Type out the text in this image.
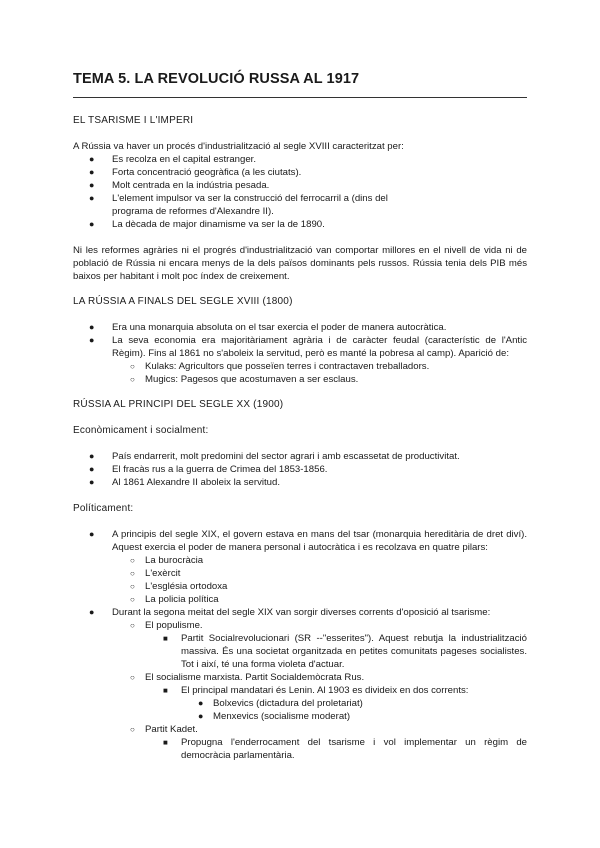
TEMA 5. LA REVOLUCIÓ RUSSA AL 1917
EL TSARISME I L'IMPERI

A Rússia va haver un procés d'industrialització al segle XVIII caracteritzat per:

● Es recolza en el capital estranger.
● Forta concentració geogràfica (a les ciutats).
● Molt centrada en la indústria pesada.
● L'element impulsor va ser la construcció del ferrocarril a (dins del programa de reformes d'Alexandre II).
● La dècada de major dinamisme va ser la de 1890.

Ni les reformes agràries ni el progrés d'industrialització van comportar millores en el nivell de vida ni de població de Rússia ni encara menys de la dels països dominants pels russos. Rússia tenia dels PIB més baixos per habitant i molt poc índex de creixement.

LA RÚSSIA A FINALS DEL SEGLE XVIII (1800)
● Era una monarquia absoluta on el tsar exercia el poder de manera autocràtica.
● La seva economia era majoritàriament agrària i de caràcter feudal (característic de l'Antic Règim). Fins al 1861 no s'aboleix la servitud, però es manté la pobresa al camp). Aparició de:
○ Kulaks: Agricultors que posseïen terres i contractaven treballadors.
○ Mugics: Pagesos que acostumaven a ser esclaus.
RÚSSIA AL PRINCIPI DEL SEGLE XX (1900)
Econòmicament i socialment:
● País endarrerit, molt predomini del sector agrari i amb escassetat de productivitat.
● El fracàs rus a la guerra de Crimea del 1853-1856.
● Al 1861 Alexandre II aboleix la servitud.
Políticament:
● A principis del segle XIX, el govern estava en mans del tsar (monarquia hereditària de dret diví). Aquest exercia el poder de manera personal i autocràtica i es recolzava en quatre pilars:
○ La burocràcia
○ L'exèrcit
○ L'església ortodoxa
○ La policia política
● Durant la segona meitat del segle XIX van sorgir diverses corrents d'oposició al tsarisme:
○ El populisme.
■ Partit Socialrevolucionari (SR --"esserites"). Aquest rebutja la industrialització massiva. És una societat organitzada en petites comunitats pageses socialistes. Tot i així, té una forma violeta d'actuar.
○ El socialisme marxista. Partit Socialdemòcrata Rus.
■ El principal mandatari és Lenin. Al 1903 es divideix en dos corrents:
● Bolxevics (dictadura del proletariat)
● Menxevics (socialisme moderat)
○ Partit Kadet.
■ Propugna l'enderrocament del tsarisme i vol implementar un règim de democràcia parlamentària.
